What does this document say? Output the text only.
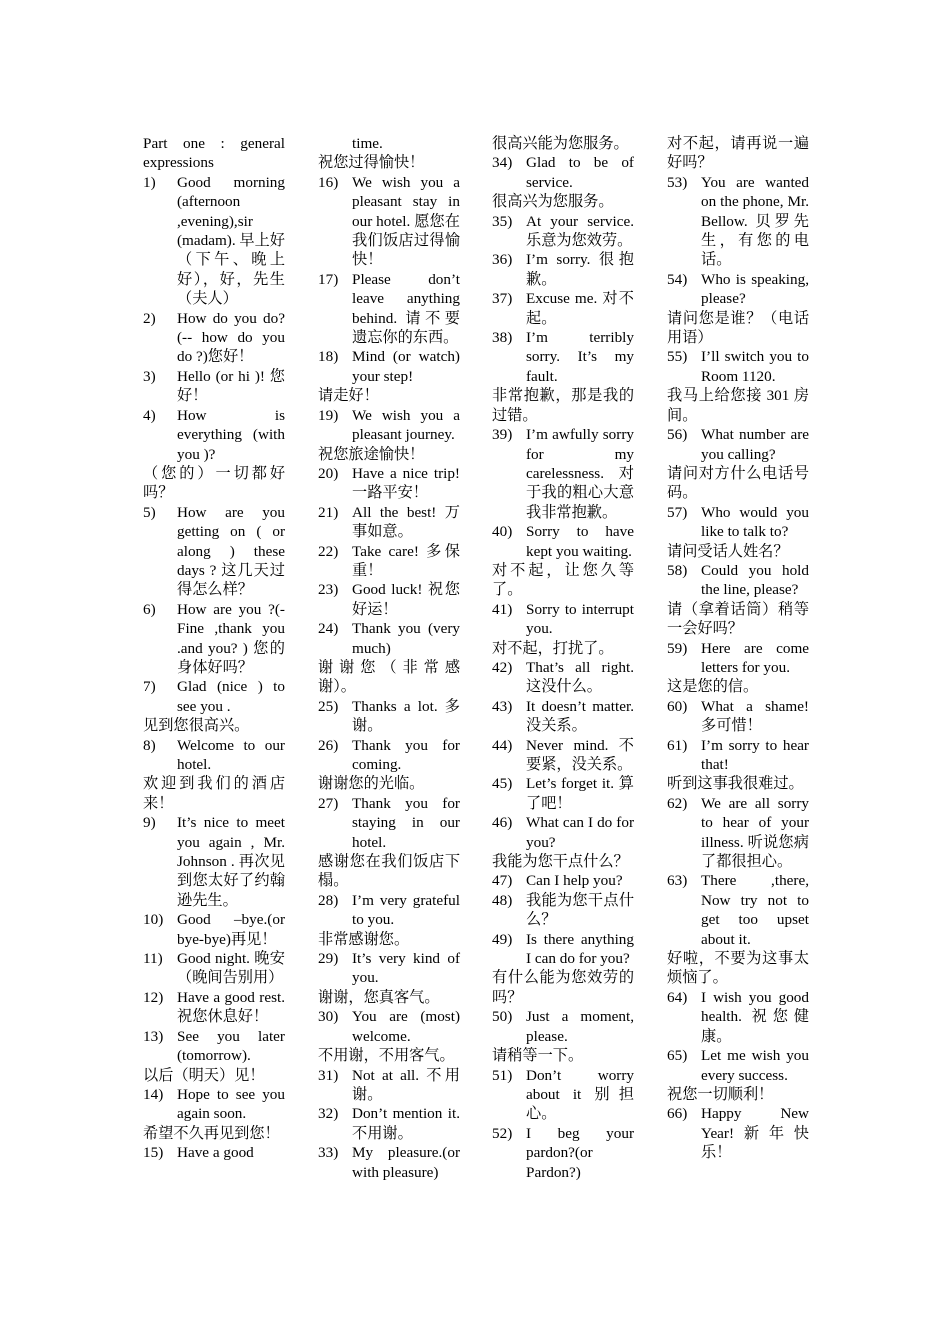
Part one : general expressions
1)	Good morning (afternoon ,evening),sir (madam). 早上好（下午、晚上好），好，先生（夫人）
2)	How do you do? (-- how do you do ?)您好！
3)	Hello (or hi )! 您好！
4)	How is everything (with you )?
（您的）一切都好吗？
5)	How are you getting on ( or along ) these days ? 这几天过得怎么样？
6)	How are you ?(- Fine ,thank you .and you? ) 您的身体好吗？
7)	Glad (nice ) to see you .
见到您很高兴。
8)	Welcome to our hotel.
欢迎到我们的酒店来！
9)	It’s nice to meet you again , Mr. Johnson . 再次见到您太好了约翰逊先生。
10) Good –bye.(or bye-bye)再见！
11) Good night. 晚安（晚间告别用）
12) Have a good rest. 祝您休息好！
13) See you later (tomorrow).
以后（明天）见！
14) Hope to see you again soon.
希望不久再见到您！
15) Have a good
time.
祝您过得愉快！
16) We wish you a pleasant stay in our hotel. 愿您在我们饭店过得愉快！
17) Please don’t leave anything behind. 请不要遗忘你的东西。
18) Mind (or watch) your step!
请走好！
19) We wish you a pleasant journey.
祝您旅途愉快！
20) Have a nice trip!一路平安！
21) All the best! 万事如意。
22) Take care! 多保重！
23) Good luck! 祝您好运！
24) Thank you (very much)
谢谢您（非常感谢）。
25) Thanks a lot. 多谢。
26) Thank you for coming.
谢谢您的光临。
27) Thank you for staying in our hotel.
感谢您在我们饭店下榻。
28) I’m very grateful to you.
非常感谢您。
29) It’s very kind of you.
谢谢，您真客气。
30) You are (most) welcome.
不用谢，不用客气。
31) Not at all. 不用谢。
32) Don’t mention it.不用谢。
33) My pleasure.(or with pleasure)
很高兴能为您服务。
34) Glad to be of service.
很高兴为您服务。
35) At your service. 乐意为您效劳。
36) I’m sorry. 很抱歉。
37) Excuse me. 对不起。
38) I’m terribly sorry. It’s my fault.
非常抱歉，那是我的过错。
39) I’m awfully sorry for my carelessness. 对于我的粗心大意我非常抱歉。
40) Sorry to have kept you waiting.
对不起，让您久等了。
41) Sorry to interrupt you.
对不起，打扰了。
42) That’s all right. 这没什么。
43) It doesn’t matter.没关系。
44) Never mind. 不要紧，没关系。
45) Let’s forget it. 算了吧！
46) What can I do for you?
我能为您干点什么？
47) Can I help you?
48) 我能为您干点什么？
49) Is there anything I can do for you?
有什么能为您效劳的吗？
50) Just a moment, please.
请稍等一下。
51) Don’t worry about it 别担心。
52) I beg your pardon?(or Pardon?)
对不起，请再说一遍好吗？
53) You are wanted on the phone, Mr. Bellow. 贝罗先生，有您的电话。
54) Who is speaking, please?
请问您是谁？（电话用语）
55) I’ll switch you to Room 1120.
我马上给您接 301 房间。
56) What number are you calling?
请问对方什么电话号码。
57) Who would you like to talk to?
请问受话人姓名？
58) Could you hold the line, please?
请（拿着话筒）稍等一会好吗？
59) Here are come letters for you.
这是您的信。
60) What a shame! 多可惜！
61) I’m sorry to hear that!
听到这事我很难过。
62) We are all sorry to hear of your illness. 听说您病了都很担心。
63) There ,there, Now try not to get too upset about it.
好啦，不要为这事太烦恼了。
64) I wish you good health. 祝您健康。
65) Let me wish you every success.
祝您一切顺利！
66) Happy New Year!新年快乐！
